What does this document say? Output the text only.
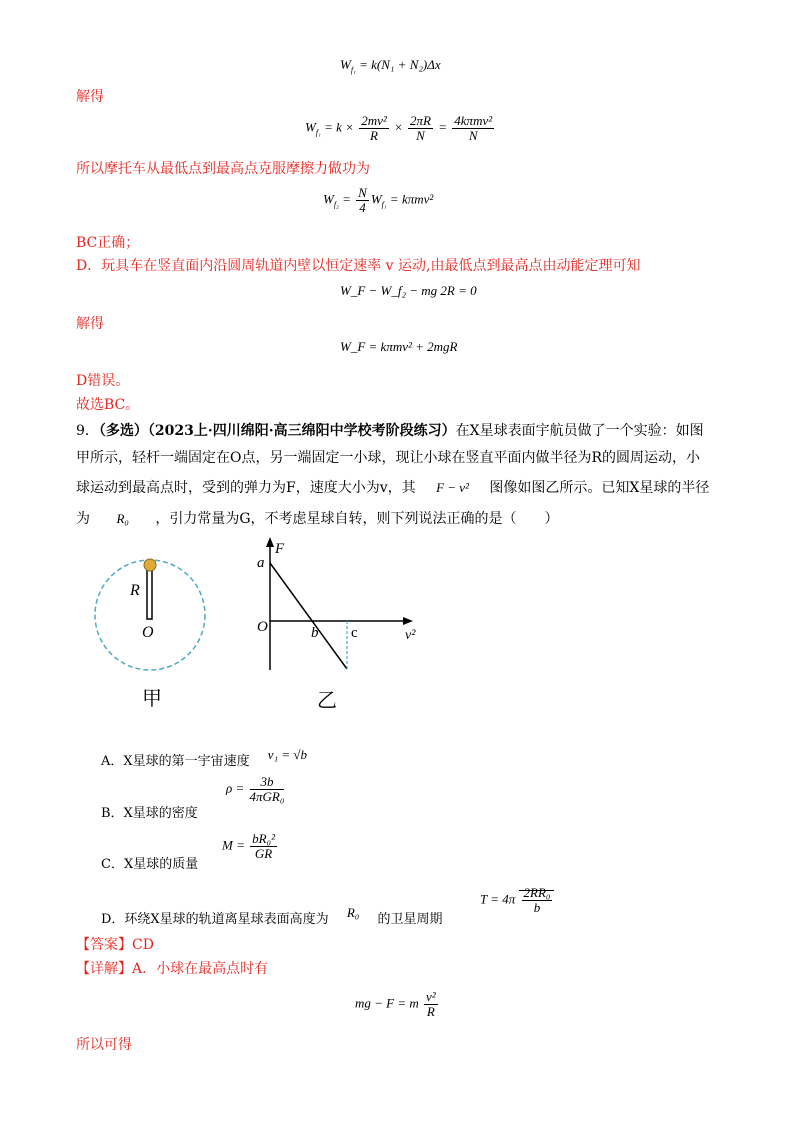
$W_{f_1} = k(N_1 + N_2)\Delta x$
解得
$W_{f_1} = k \times \frac{\text{2mv²}}{R} \times \frac{2\pi R}{N} = \frac{\text{4kπmv²}}{N}$
所以摩托车从最低点到最高点克服摩擦力做功为
$W_{f_2} = \frac{N}{4} W_{f_1} = k\pi mv^2$
BC正确；
D．玩具车在竖直面内沿圆周轨道内壁以恒定速率 v 运动,由最低点到最高点由动能定理可知
W_F − W_f₂ − mg 2R = 0
解得
W_F = kπmv² + 2mgR
D错误。
故选BC。
9．（多选）（2023上·四川绵阳·高三绵阳中学校考阶段练习）在X星球表面宇航员做了一个实验：如图
甲所示，轻杆一端固定在O点，另一端固定一小球，现让小球在竖直平面内做半径为R的圆周运动，小
球运动到最高点时，受到的弹力为F，速度大小为v，其 F − v² 图像如图乙所示。已知X星球的半径
为 R₀ ，引力常量为G，不考虑星球自转，则下列说法正确的是（　　）
R
O
甲
F
a
O	b c	v²
乙
A．X星球的第一宇宙速度 v₁ = √b
B．X星球的密度
$\rho = \frac{3b}{\text{4πGR₀}}$
C．X星球的质量
$M = \frac{\text{bR₀²}}{GR}$
D．环绕X星球的轨道离星球表面高度为 R₀ 的卫星周期
$T = 4\pi \frac{\text{2RR₀}}{b}$
【答案】CD
【详解】A．小球在最高点时有
mg − F = m $\frac{\text{v²}}{R}$
所以可得
